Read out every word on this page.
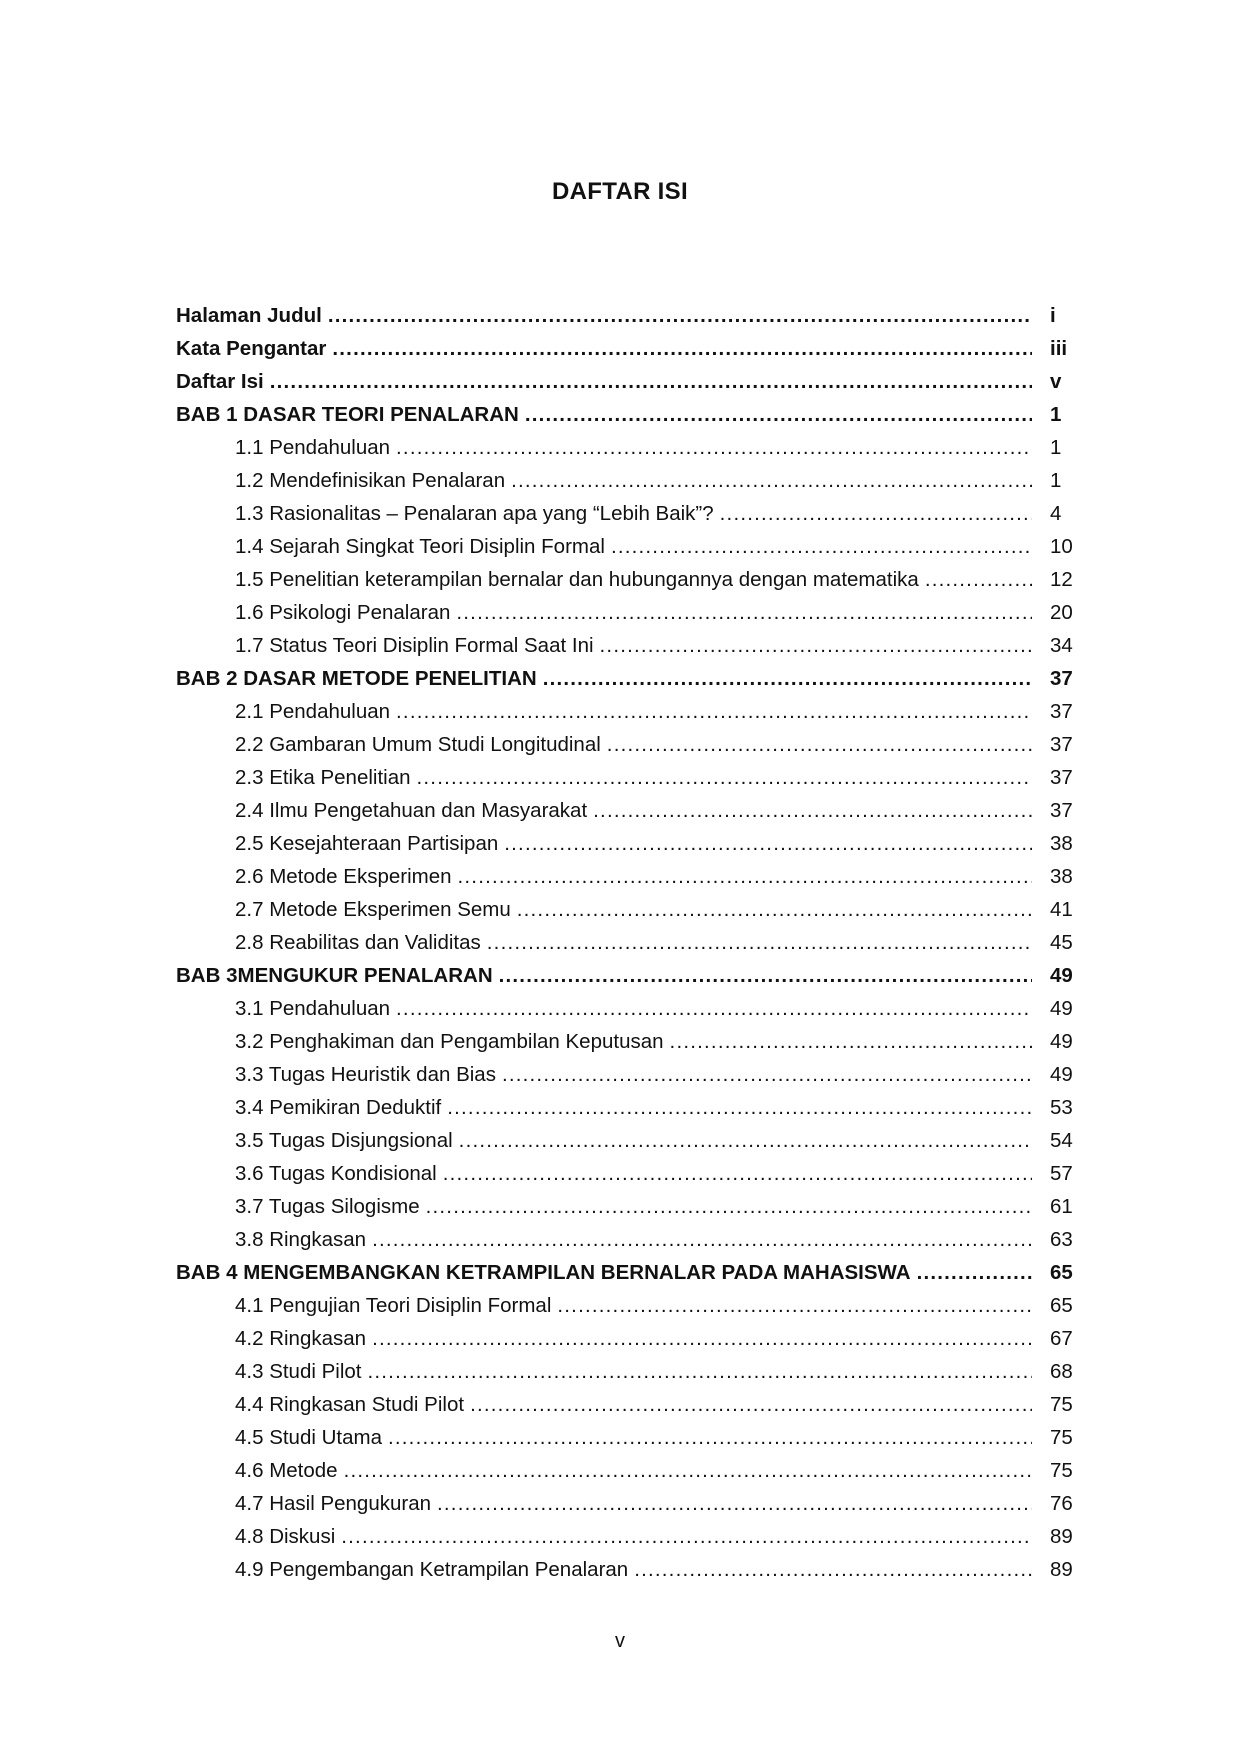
DAFTAR ISI
Halaman Judul .....	i
Kata Pengantar .....	iii
Daftar Isi .....	v
BAB 1 DASAR TEORI PENALARAN .....	1
1.1 Pendahuluan .....	1
1.2 Mendefinisikan Penalaran .....	1
1.3 Rasionalitas – Penalaran apa yang “Lebih Baik”? .....	4
1.4 Sejarah Singkat Teori Disiplin Formal .....	10
1.5 Penelitian keterampilan bernalar dan hubungannya dengan matematika .....	12
1.6 Psikologi Penalaran .....	20
1.7 Status Teori Disiplin Formal Saat Ini .....	34
BAB 2 DASAR METODE PENELITIAN .....	37
2.1 Pendahuluan .....	37
2.2 Gambaran Umum Studi Longitudinal .....	37
2.3 Etika Penelitian .....	37
2.4 Ilmu Pengetahuan dan Masyarakat .....	37
2.5 Kesejahteraan Partisipan .....	38
2.6 Metode Eksperimen .....	38
2.7 Metode Eksperimen Semu .....	41
2.8 Reabilitas dan Validitas .....	45
BAB 3MENGUKUR PENALARAN .....	49
3.1 Pendahuluan .....	49
3.2 Penghakiman dan Pengambilan Keputusan .....	49
3.3 Tugas Heuristik dan Bias .....	49
3.4 Pemikiran Deduktif .....	53
3.5 Tugas Disjungsional .....	54
3.6 Tugas Kondisional .....	57
3.7 Tugas Silogisme .....	61
3.8 Ringkasan .....	63
BAB 4 MENGEMBANGKAN KETRAMPILAN BERNALAR PADA MAHASISWA .....	65
4.1 Pengujian Teori Disiplin Formal .....	65
4.2 Ringkasan .....	67
4.3 Studi Pilot .....	68
4.4 Ringkasan Studi Pilot .....	75
4.5 Studi Utama .....	75
4.6 Metode .....	75
4.7 Hasil Pengukuran .....	76
4.8 Diskusi .....	89
4.9 Pengembangan Ketrampilan Penalaran .....	89
v
